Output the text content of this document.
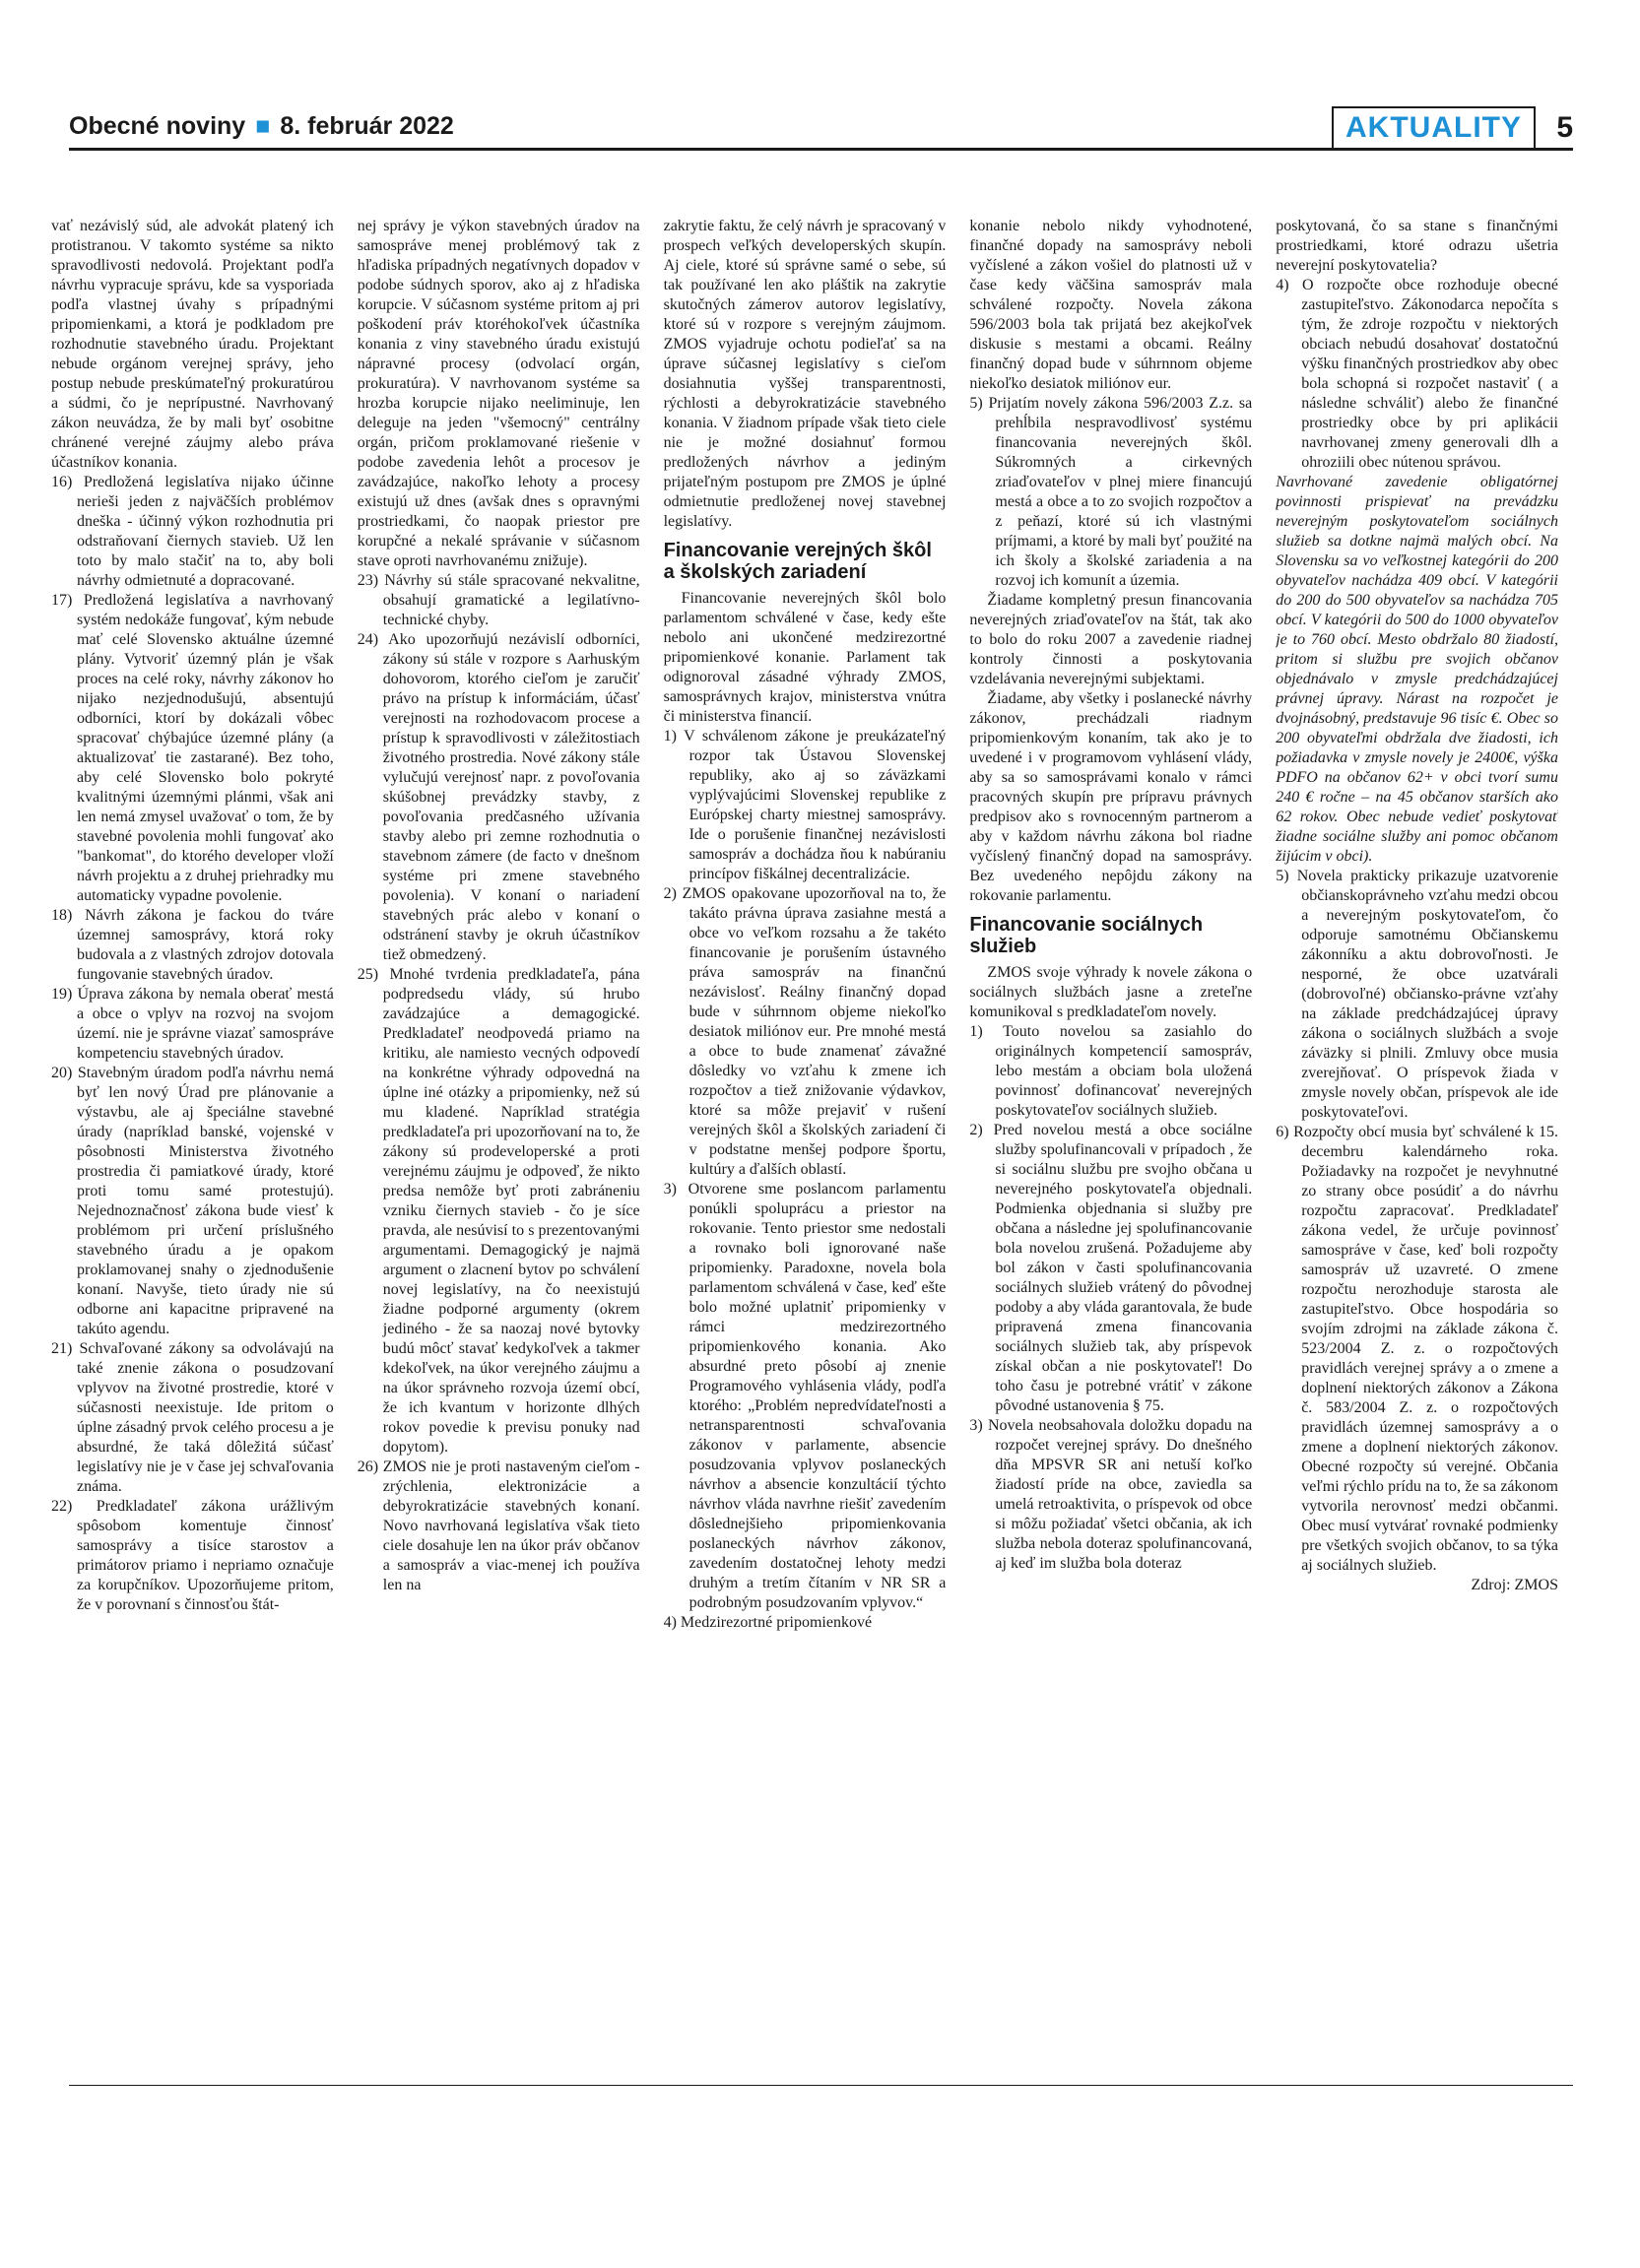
Obecné noviny ■ 8. február 2022	AKTUALITY	5

vať nezávislý súd, ale advokát platený ich protistranou. V takomto systéme sa nikto spravodlivosti nedovolá. Projektant podľa návrhu vypracuje správu, kde sa vysporiada podľa vlastnej úvahy s prípadnými pripomienkami, a ktorá je podkladom pre rozhodnutie stavebného úradu. Projektant nebude orgánom verejnej správy, jeho postup nebude preskúmateľný prokuratúrou a súdmi, čo je neprípustné. Navrhovaný zákon neuvádza, že by mali byť osobitne chránené verejné záujmy alebo práva účastníkov konania.

16) Predložená legislatíva nijako účinne nerieši jeden z najväčších problémov dneška - účinný výkon rozhodnutia pri odstraňovaní čiernych stavieb. Už len toto by malo stačiť na to, aby boli návrhy odmietnuté a dopracované.

17) Predložená legislatíva a navrhovaný systém nedokáže fungovať, kým nebude mať celé Slovensko aktuálne územné plány. Vytvoriť územný plán je však proces na celé roky, návrhy zákonov ho nijako nezjednodušujú, absentujú odborníci, ktorí by dokázali vôbec spracovať chýbajúce územné plány (a aktualizovať tie zastarané). Bez toho, aby celé Slovensko bolo pokryté kvalitnými územnými plánmi, však ani len nemá zmysel uvažovať o tom, že by stavebné povolenia mohli fungovať ako "bankomat", do ktorého developer vloží návrh projektu a z druhej priehradky mu automaticky vypadne povolenie.

18) Návrh zákona je fackou do tváre územnej samosprávy, ktorá roky budovala a z vlastných zdrojov dotovala fungovanie stavebných úradov.

19) Úprava zákona by nemala oberať mestá a obce o vplyv na rozvoj na svojom území. nie je správne viazať samospráve kompetenciu stavebných úradov.

20) Stavebným úradom podľa návrhu nemá byť len nový Úrad pre plánovanie a výstavbu, ale aj špeciálne stavebné úrady (napríklad banské, vojenské v pôsobnosti Ministerstva životného prostredia či pamiatkové úrady, ktoré proti tomu samé protestujú). Nejednoznačnosť zákona bude viesť k problémom pri určení príslušného stavebného úradu a je opakom proklamovanej snahy o zjednodušenie konaní. Navyše, tieto úrady nie sú odborne ani kapacitne pripravené na takúto agendu.

21) Schvaľované zákony sa odvolávajú na také znenie zákona o posudzovaní vplyvov na životné prostredie, ktoré v súčasnosti neexistuje. Ide pritom o úplne zásadný prvok celého procesu a je absurdné, že taká dôležitá súčasť legislatívy nie je v čase jej schvaľovania známa.

22) Predkladateľ zákona urážlivým spôsobom komentuje činnosť samosprávy a tisíce starostov a primátorov priamo i nepriamo označuje za korupčníkov. Upozorňujeme pritom, že v porovnaní s činnosťou štát-

nej správy je výkon stavebných úradov na samospráve menej problémový tak z hľadiska prípadných negatívnych dopadov v podobe súdnych sporov, ako aj z hľadiska korupcie. V súčasnom systéme pritom aj pri poškodení práv ktoréhokoľvek účastníka konania z viny stavebného úradu existujú nápravné procesy (odvolací orgán, prokuratúra). V navrhovanom systéme sa hrozba korupcie nijako neeliminuje, len deleguje na jeden "všemocný" centrálny orgán, pričom proklamované riešenie v podobe zavedenia lehôt a procesov je zavádzajúce, nakoľko lehoty a procesy existujú už dnes (avšak dnes s opravnými prostriedkami, čo naopak priestor pre korupčné a nekalé správanie v súčasnom stave oproti navrhovanému znižuje).

23) Návrhy sú stále spracované nekvalitne, obsahují gramatické a legilatívno-technické chyby.

24) Ako upozorňujú nezávislí odborníci, zákony sú stále v rozpore s Aarhuským dohovorom, ktorého cieľom je zaručiť právo na prístup k informáciám, účasť verejnosti na rozhodovacom procese a prístup k spravodlivosti v záležitostiach životného prostredia. Nové zákony stále vylučujú verejnosť napr. z povoľovania skúšobnej prevádzky stavby, z povoľovania predčasného užívania stavby alebo pri zemne rozhodnutia o stavebnom zámere (de facto v dnešnom systéme pri zmene stavebného povolenia). V konaní o nariadení stavebných prác alebo v konaní o odstránení stavby je okruh účastníkov tiež obmedzený.

25) Mnohé tvrdenia predkladateľa, pána podpredsedu vlády, sú hrubo zavádzajúce a demagogické. Predkladateľ neodpovedá priamo na kritiku, ale namiesto vecných odpovedí na konkrétne výhrady odpovedná na úplne iné otázky a pripomienky, než sú mu kladené. Napríklad stratégia predkladateľa pri upozorňovaní na to, že zákony sú prodeveloperské a proti verejnému záujmu je odpoveď, že nikto predsa nemôže byť proti zabráneniu vzniku čiernych stavieb - čo je síce pravda, ale nesúvisí to s prezentovanými argumentami. Demagogický je najmä argument o zlacnení bytov po schválení novej legislatívy, na čo neexistujú žiadne podporné argumenty (okrem jediného - že sa naozaj nové bytovky budú môcť stavať kedykoľvek a takmer kdekoľvek, na úkor verejného záujmu a na úkor správneho rozvoja území obcí, že ich kvantum v horizonte dlhých rokov povedie k previsu ponuky nad dopytom).

26) ZMOS nie je proti nastaveným cieľom - zrýchlenia, elektronizácie a debyrokratizácie stavebných konaní. Novo navrhovaná legislatíva však tieto ciele dosahuje len na úkor práv občanov a samospráv a viac-menej ich používa len na

zakrytie faktu, že celý návrh je spracovaný v prospech veľkých developerských skupín. Aj ciele, ktoré sú správne samé o sebe, sú tak používané len ako pláštik na zakrytie skutočných zámerov autorov legislatívy, ktoré sú v rozpore s verejným záujmom. ZMOS vyjadruje ochotu podieľať sa na úprave súčasnej legislatívy s cieľom dosiahnutia vyššej transparentnosti, rýchlosti a debyrokratizácie stavebného konania. V žiadnom prípade však tieto ciele nie je možné dosiahnuť formou predložených návrhov a jediným prijateľným postupom pre ZMOS je úplné odmietnutie predloženej novej stavebnej legislatívy.

Financovanie verejných škôl a školských zariadení

Financovanie neverejných škôl bolo parlamentom schválené v čase, kedy ešte nebolo ani ukončené medzirezortné pripomienkové konanie. Parlament tak odignoroval zásadné výhrady ZMOS, samosprávnych krajov, ministerstva vnútra či ministerstva financií.

1) V schválenom zákone je preukázateľný rozpor tak Ústavou Slovenskej republiky, ako aj so záväzkami vyplývajúcimi Slovenskej republike z Európskej charty miestnej samosprávy. Ide o porušenie finančnej nezávislosti samospráv a dochádza ňou k nabúraniu princípov fiškálnej decentralizácie.

2) ZMOS opakovane upozorňoval na to, že takáto právna úprava zasiahne mestá a obce vo veľkom rozsahu a že takéto financovanie je porušením ústavného práva samospráv na finančnú nezávislosť. Reálny finančný dopad bude v súhrnnom objeme niekoľko desiatok miliónov eur. Pre mnohé mestá a obce to bude znamenať závažné dôsledky vo vzťahu k zmene ich rozpočtov a tiež znižovanie výdavkov, ktoré sa môže prejaviť v rušení verejných škôl a školských zariadení či v podstatne menšej podpore športu, kultúry a ďalších oblastí.

3) Otvorene sme poslancom parlamentu ponúkli spoluprácu a priestor na rokovanie. Tento priestor sme nedostali a rovnako boli ignorované naše pripomienky. Paradoxne, novela bola parlamentom schválená v čase, keď ešte bolo možné uplatniť pripomienky v rámci medzirezortného pripomienkového konania. Ako absurdné preto pôsobí aj znenie Programového vyhlásenia vlády, podľa ktorého: „Problém nepredvídateľnosti a netransparentnosti schvaľovania zákonov v parlamente, absencie posudzovania vplyvov poslaneckých návrhov a absencie konzultácií týchto návrhov vláda navrhne riešiť zavedením dôslednejšieho pripomienkovania poslaneckých návrhov zákonov, zavedením dostatočnej lehoty medzi druhým a tretím čítaním v NR SR a podrobným posudzovaním vplyvov.“

4) Medzirezortné pripomienkové

konanie nebolo nikdy vyhodnotené, finančné dopady na samosprávy neboli vyčíslené a zákon vošiel do platnosti už v čase kedy väčšina samospráv mala schválené rozpočty. Novela zákona 596/2003 bola tak prijatá bez akejkoľvek diskusie s mestami a obcami. Reálny finančný dopad bude v súhrnnom objeme niekoľko desiatok miliónov eur.

5) Prijatím novely zákona 596/2003 Z.z. sa prehĺbila nespravodlivosť systému financovania neverejných škôl. Súkromných a cirkevných zriaďovateľov v plnej miere financujú mestá a obce a to zo svojich rozpočtov a z peňazí, ktoré sú ich vlastnými príjmami, a ktoré by mali byť použité na ich školy a školské zariadenia a na rozvoj ich komunít a územia.

Žiadame kompletný presun financovania neverejných zriaďovateľov na štát, tak ako to bolo do roku 2007 a zavedenie riadnej kontroly činnosti a poskytovania vzdelávania neverejnými subjektami.

Žiadame, aby všetky i poslanecké návrhy zákonov, prechádzali riadnym pripomienkovým konaním, tak ako je to uvedené i v programovom vyhlásení vlády, aby sa so samosprávami konalo v rámci pracovných skupín pre prípravu právnych predpisov ako s rovnocenným partnerom a aby v každom návrhu zákona bol riadne vyčíslený finančný dopad na samosprávy. Bez uvedeného nepôjdu zákony na rokovanie parlamentu.

Financovanie sociálnych služieb

ZMOS svoje výhrady k novele zákona o sociálnych službách jasne a zreteľne komunikoval s predkladateľom novely.

1) Touto novelou sa zasiahlo do originálnych kompetencií samospráv, lebo mestám a obciam bola uložená povinnosť dofinancovať neverejných poskytovateľov sociálnych služieb.

2) Pred novelou mestá a obce sociálne služby spolufinancovali v prípadoch , že si sociálnu službu pre svojho občana u neverejného poskytovateľa objednali. Podmienka objednania si služby pre občana a následne jej spolufinancovanie bola novelou zrušená. Požadujeme aby bol zákon v časti spolufinancovania sociálnych služieb vrátený do pôvodnej podoby a aby vláda garantovala, že bude pripravená zmena financovania sociálnych služieb tak, aby príspevok získal občan a nie poskytovateľ! Do toho času je potrebné vrátiť v zákone pôvodné ustanovenia § 75.

3) Novela neobsahovala doložku dopadu na rozpočet verejnej správy. Do dnešného dňa MPSVR SR ani netuší koľko žiadostí príde na obce, zaviedla sa umelá retroaktivita, o príspevok od obce si môžu požiadať všetci občania, ak ich služba nebola doteraz spolufinancovaná, aj keď im služba bola doteraz

poskytovaná, čo sa stane s finančnými prostriedkami, ktoré odrazu ušetria neverejní poskytovatelia?

4) O rozpočte obce rozhoduje obecné zastupiteľstvo. Zákonodarca nepočíta s tým, že zdroje rozpočtu v niektorých obciach nebudú dosahovať dostatočnú výšku finančných prostriedkov aby obec bola schopná si rozpočet nastaviť ( a následne schváliť) alebo že finančné prostriedky obce by pri aplikácii navrhovanej zmeny generovali dlh a ohroziili obec nútenou správou.

Navrhované zavedenie obligatórnej povinnosti prispievať na prevádzku neverejným poskytovateľom sociálnych služieb sa dotkne najmä malých obcí. Na Slovensku sa vo veľkostnej kategórii do 200 obyvateľov nachádza 409 obcí. V kategórii do 200 do 500 obyvateľov sa nachádza 705 obcí. V kategórii do 500 do 1000 obyvateľov je to 760 obcí. Mesto obdržalo 80 žiadostí, pritom si službu pre svojich občanov objednávalo v zmysle predchádzajúcej právnej úpravy. Nárast na rozpočet je dvojnásobný, predstavuje 96 tisíc €. Obec so 200 obyvateľmi obdržala dve žiadosti, ich požiadavka v zmysle novely je 2400€, výška PDFO na občanov 62+ v obci tvorí sumu 240 € ročne – na 45 občanov starších ako 62 rokov. Obec nebude vedieť poskytovať žiadne sociálne služby ani pomoc občanom žijúcim v obci).

5) Novela prakticky prikazuje uzatvorenie občianskoprávneho vzťahu medzi obcou a neverejným poskytovateľom, čo odporuje samotnému Občianskemu zákonníku a aktu dobrovoľnosti. Je nesporné, že obce uzatvárali (dobrovoľné) občiansko-právne vzťahy na základe predchádzajúcej úpravy zákona o sociálnych službách a svoje záväzky si plnili. Zmluvy obce musia zverejňovať. O príspevok žiada v zmysle novely občan, príspevok ale ide poskytovateľovi.

6) Rozpočty obcí musia byť schválené k 15. decembru kalendárneho roka. Požiadavky na rozpočet je nevyhnutné zo strany obce posúdiť a do návrhu rozpočtu zapracovať. Predkladateľ zákona vedel, že určuje povinnosť samospráve v čase, keď boli rozpočty samospráv už uzavreté. O zmene rozpočtu nerozhoduje starosta ale zastupiteľstvo. Obce hospodária so svojím zdrojmi na základe zákona č. 523/2004 Z. z. o rozpočtových pravidlách verejnej správy a o zmene a doplnení niektorých zákonov a Zákona č. 583/2004 Z. z. o rozpočtových pravidlách územnej samosprávy a o zmene a doplnení niektorých zákonov. Obecné rozpočty sú verejné. Občania veľmi rýchlo prídu na to, že sa zákonom vytvorila nerovnosť medzi občanmi. Obec musí vytvárať rovnaké podmienky pre všetkých svojich občanov, to sa týka aj sociálnych služieb.

Zdroj: ZMOS
